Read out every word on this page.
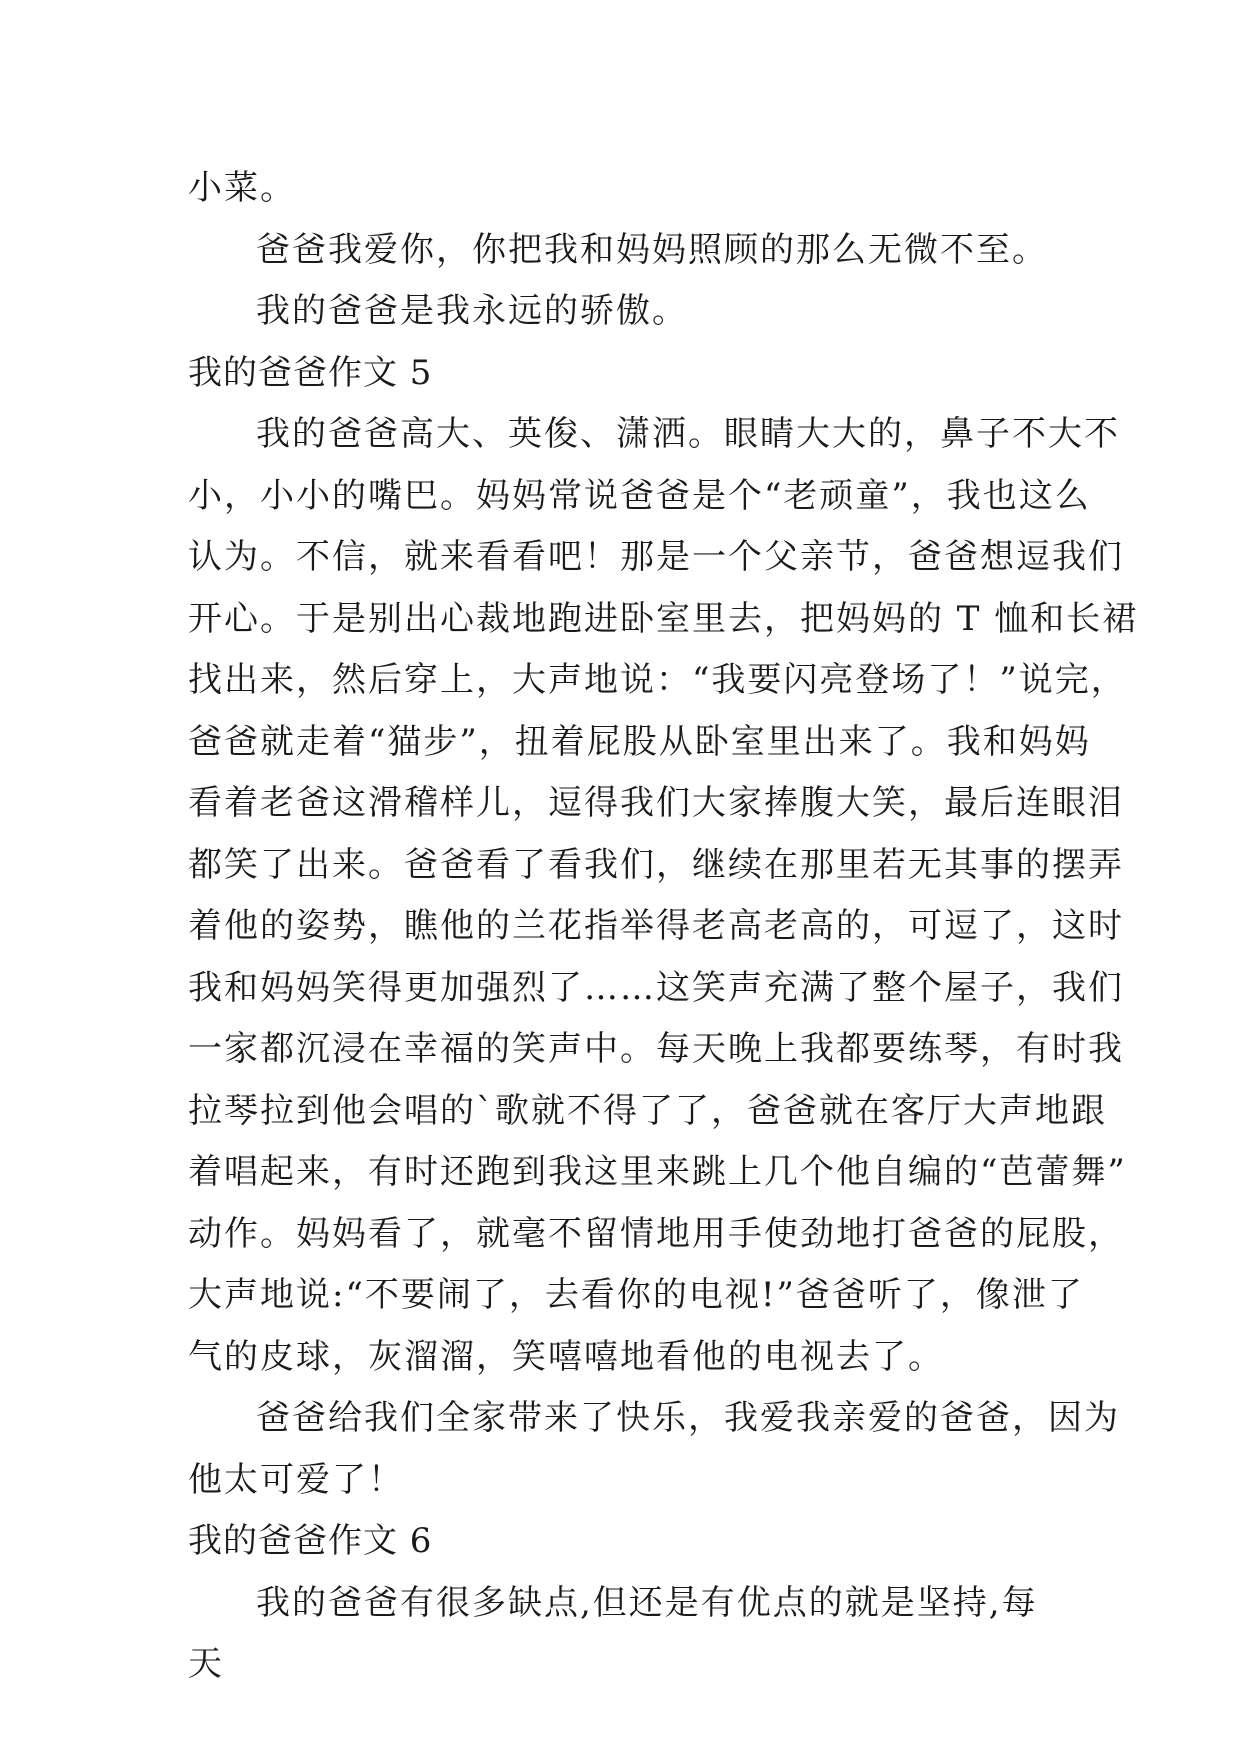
小菜。

爸爸我爱你，你把我和妈妈照顾的那么无微不至。

我的爸爸是我永远的骄傲。

我的爸爸作文 5
我的爸爸高大、英俊、潇洒。眼睛大大的，鼻子不大不
小，小小的嘴巴。妈妈常说爸爸是个“老顽童”，我也这么
认为。不信，就来看看吧！那是一个父亲节，爸爸想逗我们
开心。于是别出心裁地跑进卧室里去，把妈妈的 T 恤和长裙
找出来，然后穿上，大声地说：“我要闪亮登场了！”说完，
爸爸就走着“猫步”，扭着屁股从卧室里出来了。我和妈妈
看着老爸这滑稽样儿，逗得我们大家捧腹大笑，最后连眼泪
都笑了出来。爸爸看了看我们，继续在那里若无其事的摆弄
着他的姿势，瞧他的兰花指举得老高老高的，可逗了，这时
我和妈妈笑得更加强烈了……这笑声充满了整个屋子，我们
一家都沉浸在幸福的笑声中。每天晚上我都要练琴，有时我
拉琴拉到他会唱的`歌就不得了了，爸爸就在客厅大声地跟
着唱起来，有时还跑到我这里来跳上几个他自编的“芭蕾舞”
动作。妈妈看了，就毫不留情地用手使劲地打爸爸的屁股，
大声地说:“不要闹了，去看你的电视!”爸爸听了，像泄了
气的皮球，灰溜溜，笑嘻嘻地看他的电视去了。
爸爸给我们全家带来了快乐，我爱我亲爱的爸爸，因为
他太可爱了！
我的爸爸作文 6

我的爸爸有很多缺点,但还是有优点的就是坚持,每天
